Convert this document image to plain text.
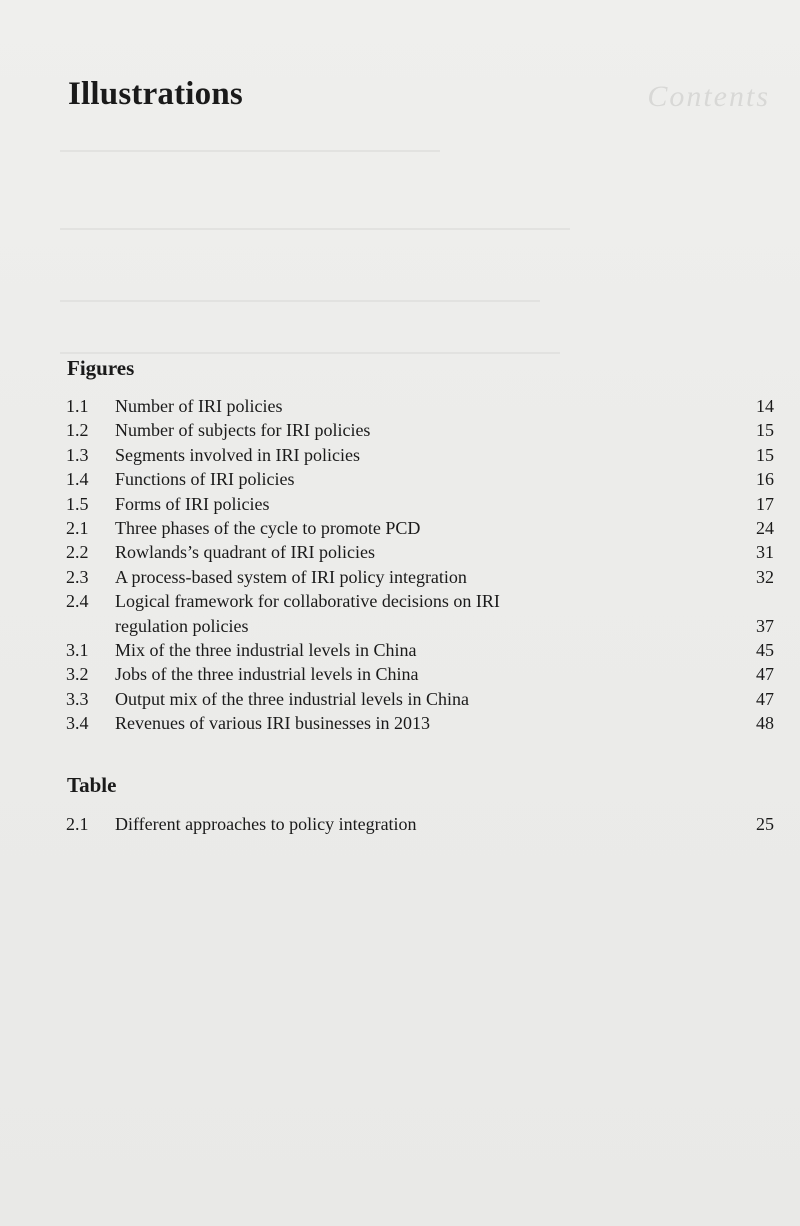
Contents
Illustrations
Figures
1.1 Number of IRI policies	14
1.2 Number of subjects for IRI policies	15
1.3 Segments involved in IRI policies	15
1.4 Functions of IRI policies	16
1.5 Forms of IRI policies	17
2.1 Three phases of the cycle to promote PCD	24
2.2 Rowlands’s quadrant of IRI policies	31
2.3 A process-based system of IRI policy integration	32
2.4 Logical framework for collaborative decisions on IRI regulation policies	37
3.1 Mix of the three industrial levels in China	45
3.2 Jobs of the three industrial levels in China	47
3.3 Output mix of the three industrial levels in China	47
3.4 Revenues of various IRI businesses in 2013	48
Table
2.1 Different approaches to policy integration	25
